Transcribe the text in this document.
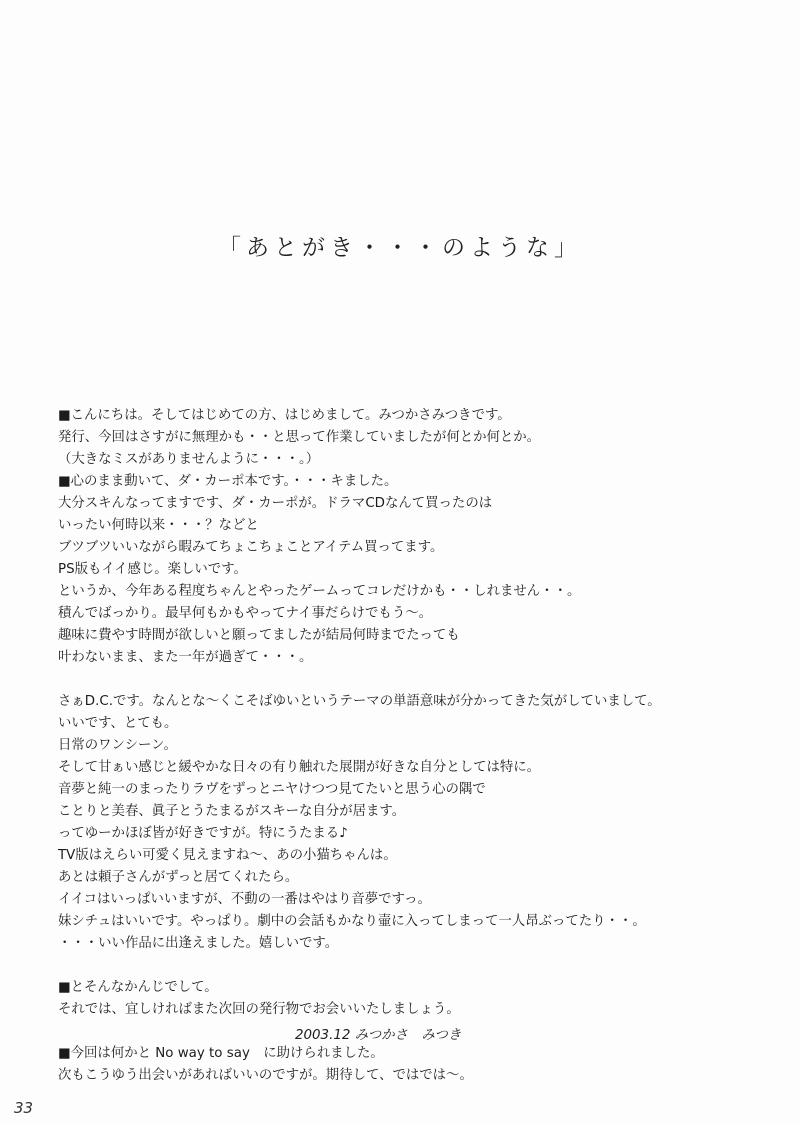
「あとがき・・・のような」
■こんにちは。そしてはじめての方、はじめまして。みつかさみつきです。
発行、今回はさすがに無理かも・・と思って作業していましたが何とか何とか。
（大きなミスがありませんように・・・。）
■心のまま動いて、ダ・カーポ本です。・・・キました。
大分スキんなってますです、ダ・カーポが。ドラマCDなんて買ったのは
いったい何時以来・・・？などと
ブツブツいいながら暇みてちょこちょことアイテム買ってます。
PS版もイイ感じ。楽しいです。
というか、今年ある程度ちゃんとやったゲームってコレだけかも・・しれません・・。
積んでばっかり。最早何もかもやってナイ事だらけでもう〜。
趣味に費やす時間が欲しいと願ってましたが結局何時までたっても
叶わないまま、また一年が過ぎて・・・。
さぁD.C.です。なんとな〜くこそばゆいというテーマの単語意味が分かってきた気がしていまして。
いいです、とても。
日常のワンシーン。
そして甘ぁい感じと緩やかな日々の有り触れた展開が好きな自分としては特に。
音夢と純一のまったりラヴをずっとニヤけつつ見てたいと思う心の隅で
ことりと美春、眞子とうたまるがスキーな自分が居ます。
ってゆーかほぼ皆が好きですが。特にうたまる♪
TV版はえらい可愛く見えますね〜、あの小猫ちゃんは。
あとは頼子さんがずっと居てくれたら。
イイコはいっぱいいますが、不動の一番はやはり音夢ですっ。
妹シチュはいいです。やっぱり。劇中の会話もかなり壷に入ってしまって一人昂ぶってたり・・。
・・・いい作品に出逢えました。嬉しいです。
■とそんなかんじでして。
それでは、宜しければまた次回の発行物でお会いいたしましょう。
■今回は何かと No way to say　に助けられました。
次もこうゆう出会いがあればいいのですが。期待して、ではでは〜。
2003.12 みつかさ　みつき
33
